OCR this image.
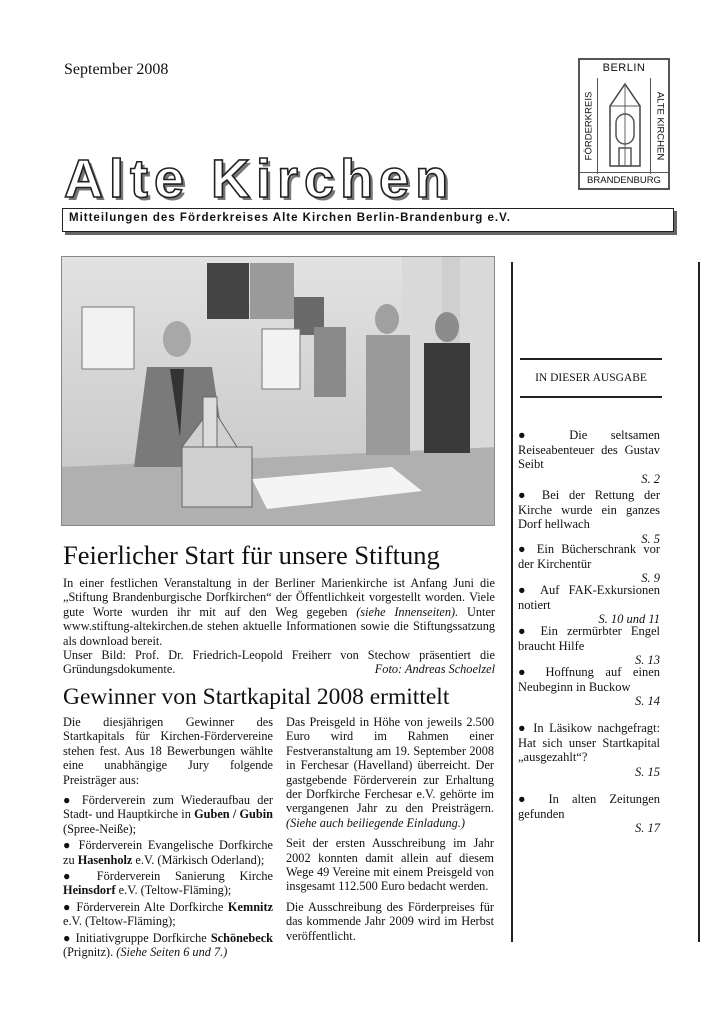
September 2008	BERLIN
FÖRDERKREIS	ALTE KIRCHEN
BRANDENBURG
Alte Kirchen
Mitteilungen des Förderkreises Alte Kirchen Berlin-Brandenburg e.V.
IN DIESER AUSGABE
● Die seltsamen Reiseabenteuer des Gustav Seibt
S. 2
● Bei der Rettung der Kirche wurde ein ganzes Dorf hellwach
S. 5
● Ein Bücherschrank vor der Kirchentür
S. 9
● Auf FAK-Exkursionen notiert
S. 10 und 11
● Ein zermürbter Engel braucht Hilfe
S. 13
● Hoffnung auf einen Neubeginn in Buckow
S. 14
● In Läsikow nachgefragt: Hat sich unser Startkapital „ausgezahlt“?
S. 15
● In alten Zeitungen gefunden
S. 17
Feierlicher Start für unsere Stiftung

In einer festlichen Veranstaltung in der Berliner Marienkirche ist Anfang Juni die „Stiftung Brandenburgische Dorfkirchen“ der Öffentlichkeit vorgestellt worden. Viele gute Worte wurden ihr mit auf den Weg gegeben (siehe Innenseiten). Unter www.stiftung-altekirchen.de stehen aktuelle Informationen sowie die Stiftungssatzung als download bereit.

Unser Bild: Prof. Dr. Friedrich-Leopold Freiherr von Stechow präsentiert die Gründungsdokumente.	Foto: Andreas Schoelzel

Gewinner von Startkapital 2008 ermittelt

Die diesjährigen Gewinner des Startkapitals für Kirchen-Fördervereine stehen fest. Aus 18 Bewerbungen wählte eine unabhängige Jury folgende Preisträger aus:

● Förderverein zum Wiederaufbau der Stadt- und Hauptkirche in Guben / Gubin (Spree-Neiße);

● Förderverein Evangelische Dorfkirche zu Hasenholz e.V. (Märkisch Oderland);

● Förderverein Sanierung Kirche Heinsdorf e.V. (Teltow-Fläming);

● Förderverein Alte Dorfkirche Kemnitz e.V. (Teltow-Fläming);

● Initiativgruppe Dorfkirche Schönebeck (Prignitz). (Siehe Seiten 6 und 7.)

Das Preisgeld in Höhe von jeweils 2.500 Euro wird im Rahmen einer Festveranstaltung am 19. September 2008 in Ferchesar (Havelland) überreicht. Der gastgebende Förderverein zur Erhaltung der Dorfkirche Ferchesar e.V. gehörte im vergangenen Jahr zu den Preisträgern. (Siehe auch beiliegende Einladung.)

Seit der ersten Ausschreibung im Jahr 2002 konnten damit allein auf diesem Wege 49 Vereine mit einem Preisgeld von insgesamt 112.500 Euro bedacht werden.

Die Ausschreibung des Förderpreises für das kommende Jahr 2009 wird im Herbst veröffentlicht.
